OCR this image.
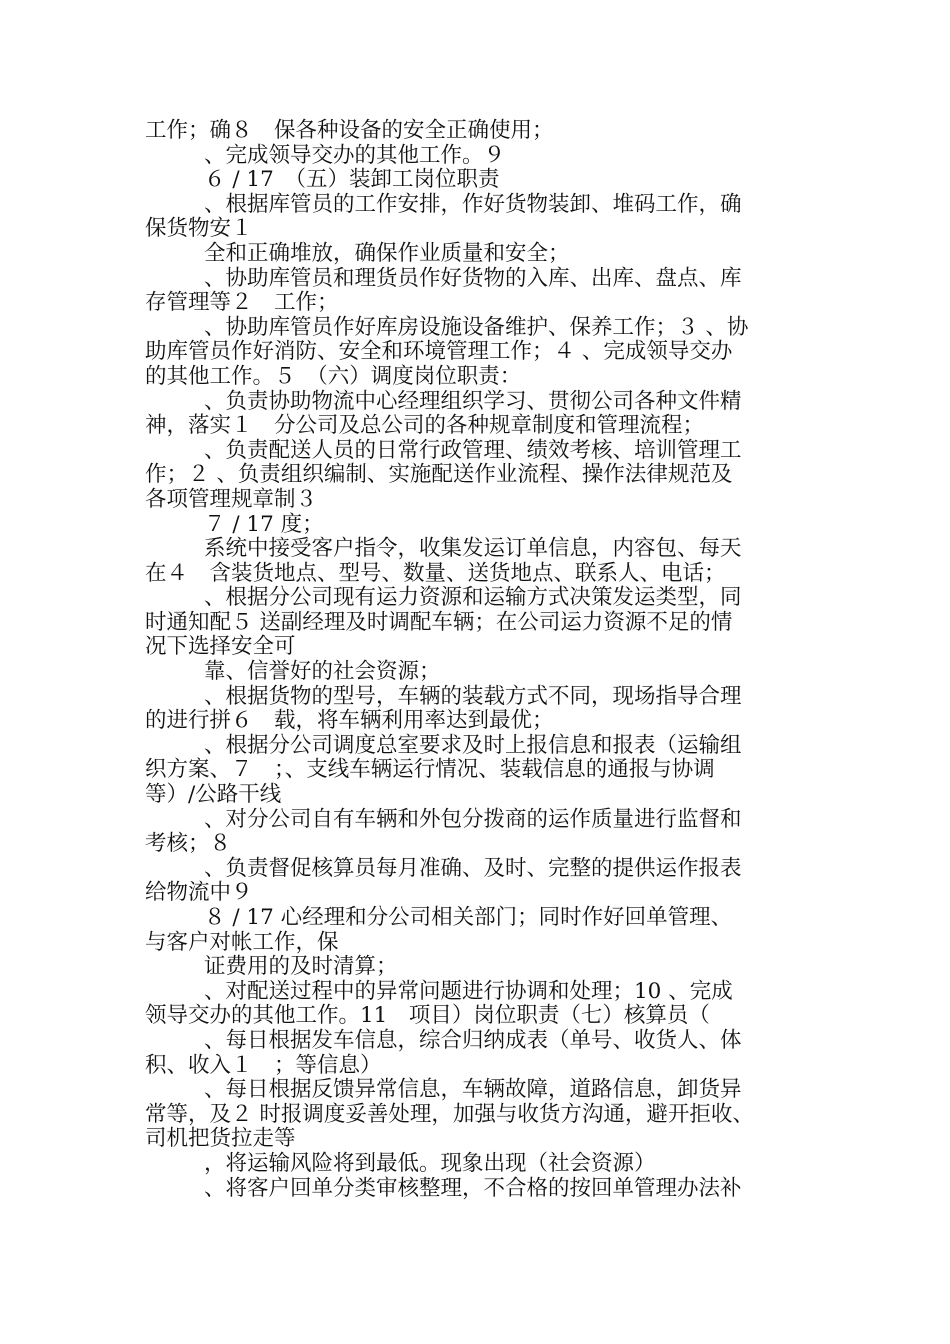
工作；确８　保各种设备的安全正确使用；
、完成领导交办的其他工作。９
６ / 17　（五）装卸工岗位职责
、根据库管员的工作安排，作好货物装卸、堆码工作，确
保货物安１
全和正确堆放，确保作业质量和安全；
、协助库管员和理货员作好货物的入库、出库、盘点、库
存管理等２　工作；
、协助库管员作好库房设施设备维护、保养工作；３ 、协
助库管员作好消防、安全和环境管理工作；４ 、完成领导交办
的其他工作。５　（六）调度岗位职责：
、负责协助物流中心经理组织学习、贯彻公司各种文件精
神，落实１　分公司及总公司的各种规章制度和管理流程；
、负责配送人员的日常行政管理、绩效考核、培训管理工
作；２ 、负责组织编制、实施配送作业流程、操作法律规范及
各项管理规章制３
７ / 17 度；
系统中接受客户指令，收集发运订单信息，内容包、每天
在４　含装货地点、型号、数量、送货地点、联系人、电话；
、根据分公司现有运力资源和运输方式决策发运类型，同
时通知配５ 送副经理及时调配车辆；在公司运力资源不足的情
况下选择安全可
靠、信誉好的社会资源；
、根据货物的型号，车辆的装载方式不同，现场指导合理
的进行拼６　载，将车辆利用率达到最优；
、根据分公司调度总室要求及时上报信息和报表（运输组
织方案、７　；、支线车辆运行情况、装载信息的通报与协调
等）/公路干线
、对分公司自有车辆和外包分拨商的运作质量进行监督和
考核；８
、负责督促核算员每月准确、及时、完整的提供运作报表
给物流中９
８ / 17 心经理和分公司相关部门；同时作好回单管理、
与客户对帐工作，保
证费用的及时清算；
、对配送过程中的异常问题进行协调和处理；10 、完成
领导交办的其他工作。11　项目）岗位职责（七）核算员（
、每日根据发车信息，综合归纳成表（单号、收货人、体
积、收入１　；等信息）
、每日根据反馈异常信息，车辆故障，道路信息，卸货异
常等，及２ 时报调度妥善处理，加强与收货方沟通，避开拒收、
司机把货拉走等
，将运输风险将到最低。现象出现（社会资源）
、将客户回单分类审核整理，不合格的按回单管理办法补
